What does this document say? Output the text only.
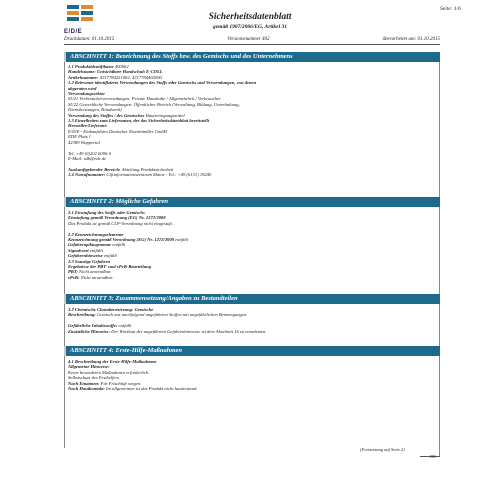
E/D/E
Seite: 1/6
Sicherheitsdatenblatt
gemäß 1907/2006/EG, Artikel 31
Druckdatum: 01.10.2015	Versionsnummer 402	überarbeitet am: 01.10.2015
ABSCHNITT 1: Bezeichnung des Stoffs bzw. des Gemischs und des Unternehmens
1.1 Produktidentifikator 400062
Handelsname: Unisichtbare Handschuh E-COLL
Artikelnummer: 4317784251082, 4317784465090
1.2 Relevante identifizierte Verwendungen des Stoffs oder Gemischs und Verwendungen, von denen
abgeraten wird
Verwendungssektor
SU21 Verbraucherverwendungen: Private Haushalte / Allgemeinheit / Verbraucher
SU22 Gewerbliche Verwendungen: Öffentlicher Bereich (Verwaltung, Bildung, Unterhaltung,
Dienstleistungen, Handwerk)
Verwendung des Stoffes / des Gemisches Hautreinigungsmittel
1.3 Einzelheiten zum Lieferanten, der das Sicherheitsdatenblatt bereitstellt
Hersteller/Lieferant:
E/D/E - Einkaufsbüro Deutscher Eisenhändler GmbH
EDE Platz 1
42389 Wuppertal

Tel. +49 (0)202 6096-0
E-Mail: sdb@ede.de

Auskunftgebender Bereich: Abteilung Produktsicherheit
1.4 Notrufnummer: Giftinformationszentrum Mainz - Tel.: +49 (6131) 19240
ABSCHNITT 2: Mögliche Gefahren
2.1 Einstufung des Stoffs oder Gemischs
Einstufung gemäß Verordnung (EG) Nr. 1272/2008
Das Produkt ist gemäß CLP-Verordnung nicht eingestuft.

2.2 Kennzeichnungselemente
Kennzeichnung gemäß Verordnung (EG) Nr. 1272/2008 entfällt
Gefahrenpiktogramme entfällt
Signalwort entfällt
Gefahrenhinweise entfällt
2.3 Sonstige Gefahren
Ergebnisse der PBT- und vPvB-Beurteilung
PBT: Nicht anwendbar.
vPvB: Nicht anwendbar.
ABSCHNITT 3: Zusammensetzung/Angaben zu Bestandteilen
3.2 Chemische Charakterisierung: Gemische
Beschreibung: Gemisch aus nachfolgend angeführten Stoffen mit ungefährlichen Beimengungen.

Gefährliche Inhaltsstoffe: entfällt
Zusätzliche Hinweise: Der Wortlaut der angeführten Gefahrenhinweise ist dem Abschnitt 16 zu entnehmen.
ABSCHNITT 4: Erste-Hilfe-Maßnahmen
4.1 Beschreibung der Erste-Hilfe-Maßnahmen
Allgemeine Hinweise:
Keine besonderen Maßnahmen erforderlich.
Selbstschutz des Ersthelfers.
Nach Einatmen: Für Frischluft sorgen.
Nach Hautkontakt: Im allgemeinen ist das Produkt nicht hautreizend.
(Fortsetzung auf Seite 2)
DE
